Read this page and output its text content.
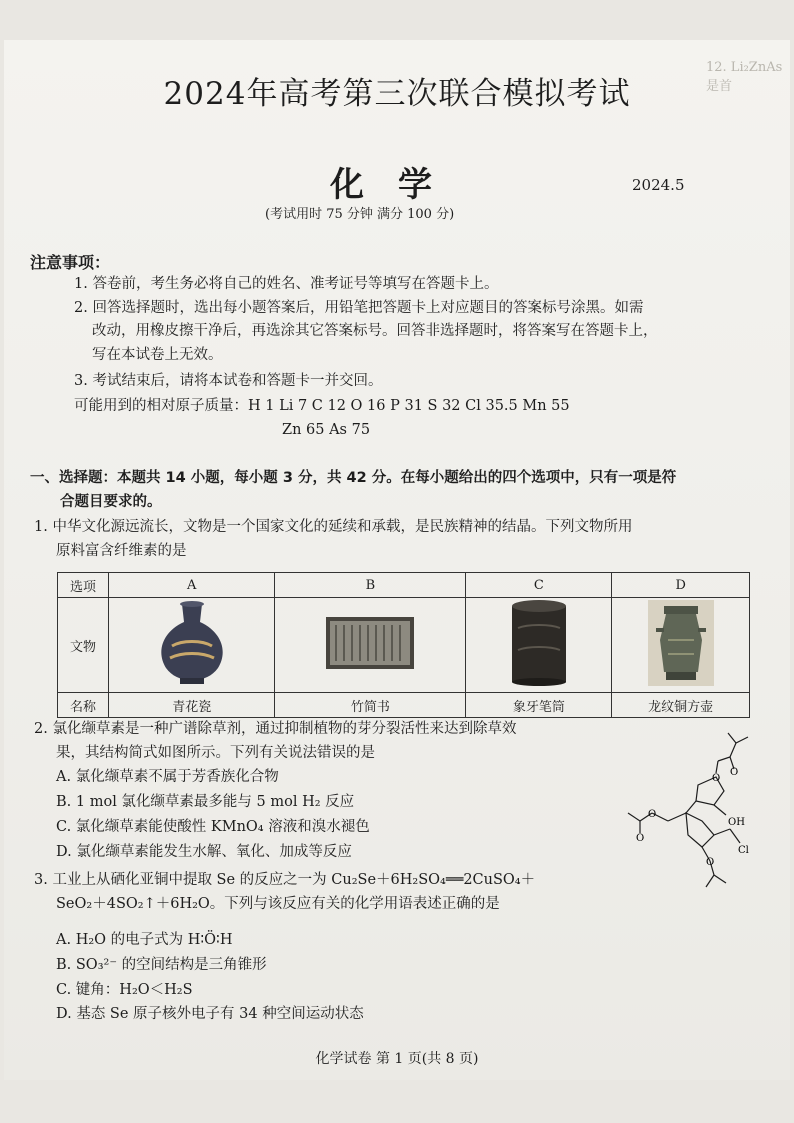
12. Li₂ZnAs 是首
2024年高考第三次联合模拟考试
化学	2024.5
(考试用时 75 分钟 满分 100 分)
注意事项：
1. 答卷前，考生务必将自己的姓名、准考证号等填写在答题卡上。
2. 回答选择题时，选出每小题答案后，用铅笔把答题卡上对应题目的答案标号涂黑。如需
改动，用橡皮擦干净后，再选涂其它答案标号。回答非选择题时，将答案写在答题卡上，
写在本试卷上无效。
3. 考试结束后，请将本试卷和答题卡一并交回。
可能用到的相对原子质量：H 1 Li 7 C 12 O 16 P 31 S 32 Cl 35.5 Mn 55
Zn 65 As 75
一、选择题：本题共 14 小题，每小题 3 分，共 42 分。在每小题给出的四个选项中，只有一项是符
合题目要求的。
1. 中华文化源远流长，文物是一个国家文化的延续和承载，是民族精神的结晶。下列文物所用
原料富含纤维素的是
选项	A	B	C	D
文物				
名称	青花瓷	竹简书	象牙笔筒	龙纹铜方壶
2. 氯化缬草素是一种广谱除草剂，通过抑制植物的芽分裂活性来达到除草效
果，其结构简式如图所示。下列有关说法错误的是
A. 氯化缬草素不属于芳香族化合物
B. 1 mol 氯化缬草素最多能与 5 mol H₂ 反应
C. 氯化缬草素能使酸性 KMnO₄ 溶液和溴水褪色
D. 氯化缬草素能发生水解、氧化、加成等反应
O
O
O
O
O
OH
Cl
3. 工业上从硒化亚铜中提取 Se 的反应之一为 Cu₂Se＋6H₂SO₄══2CuSO₄＋
SeO₂＋4SO₂↑＋6H₂O。下列与该反应有关的化学用语表述正确的是
A. H₂O 的电子式为 H∶Ö∶H
B. SO₃²⁻ 的空间结构是三角锥形
C. 键角：H₂O＜H₂S
D. 基态 Se 原子核外电子有 34 种空间运动状态
化学试卷 第 1 页(共 8 页)
